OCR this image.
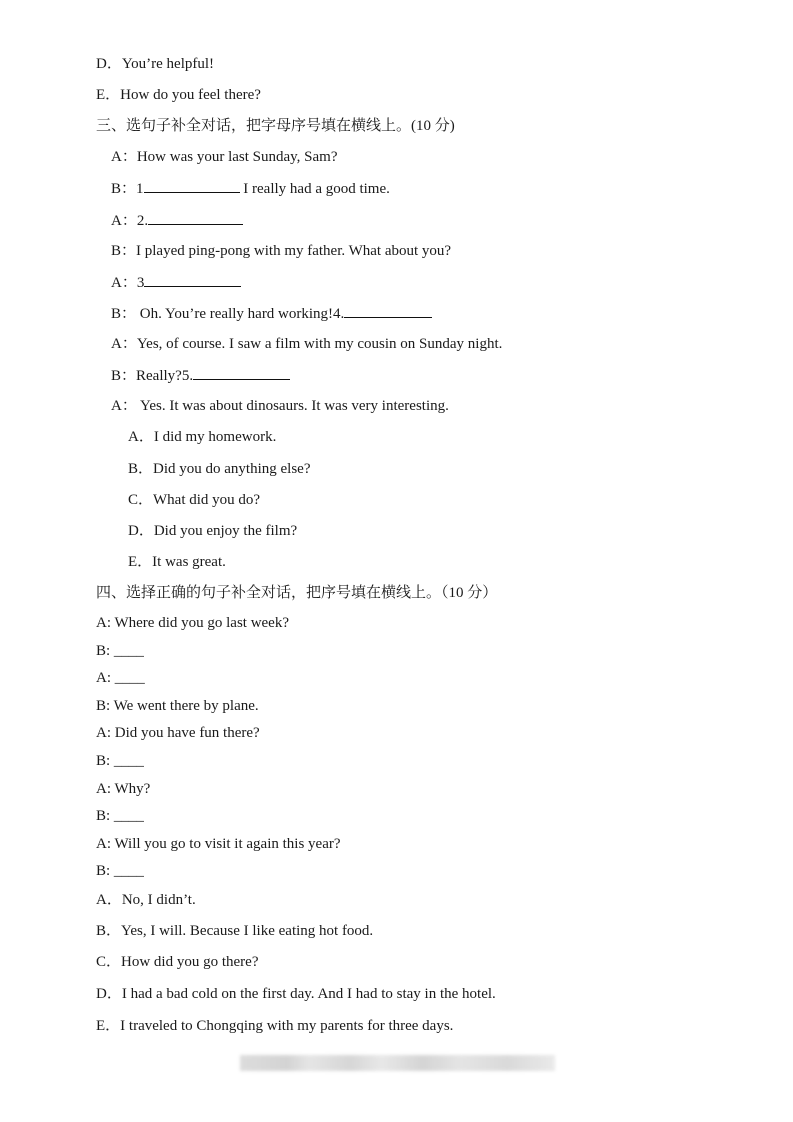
D．You’re helpful!
E．How do you feel there?
三、选句子补全对话，把字母序号填在横线上。(10 分)
A：How was your last Sunday, Sam?
B：1	I really had a good time.
A：2.
B：I played ping-pong with my father. What about you?
A：3
B： Oh. You’re really hard working!4.
A：Yes, of course. I saw a film with my cousin on Sunday night.
B：Really?5.
A： Yes. It was about dinosaurs. It was very interesting.
A．I did my homework.
B．Did you do anything else?
C．What did you do?
D．Did you enjoy the film?
E．It was great.
四、选择正确的句子补全对话，把序号填在横线上。（10 分）
A: Where did you go last week?
B: ____
A: ____
B: We went there by plane.
A: Did you have fun there?
B: ____
A: Why?
B: ____
A: Will you go to visit it again this year?
B: ____
A．No, I didn’t.
B．Yes, I will. Because I like eating hot food.
C．How did you go there?
D．I had a bad cold on the first day. And I had to stay in the hotel.
E．I traveled to Chongqing with my parents for three days.
